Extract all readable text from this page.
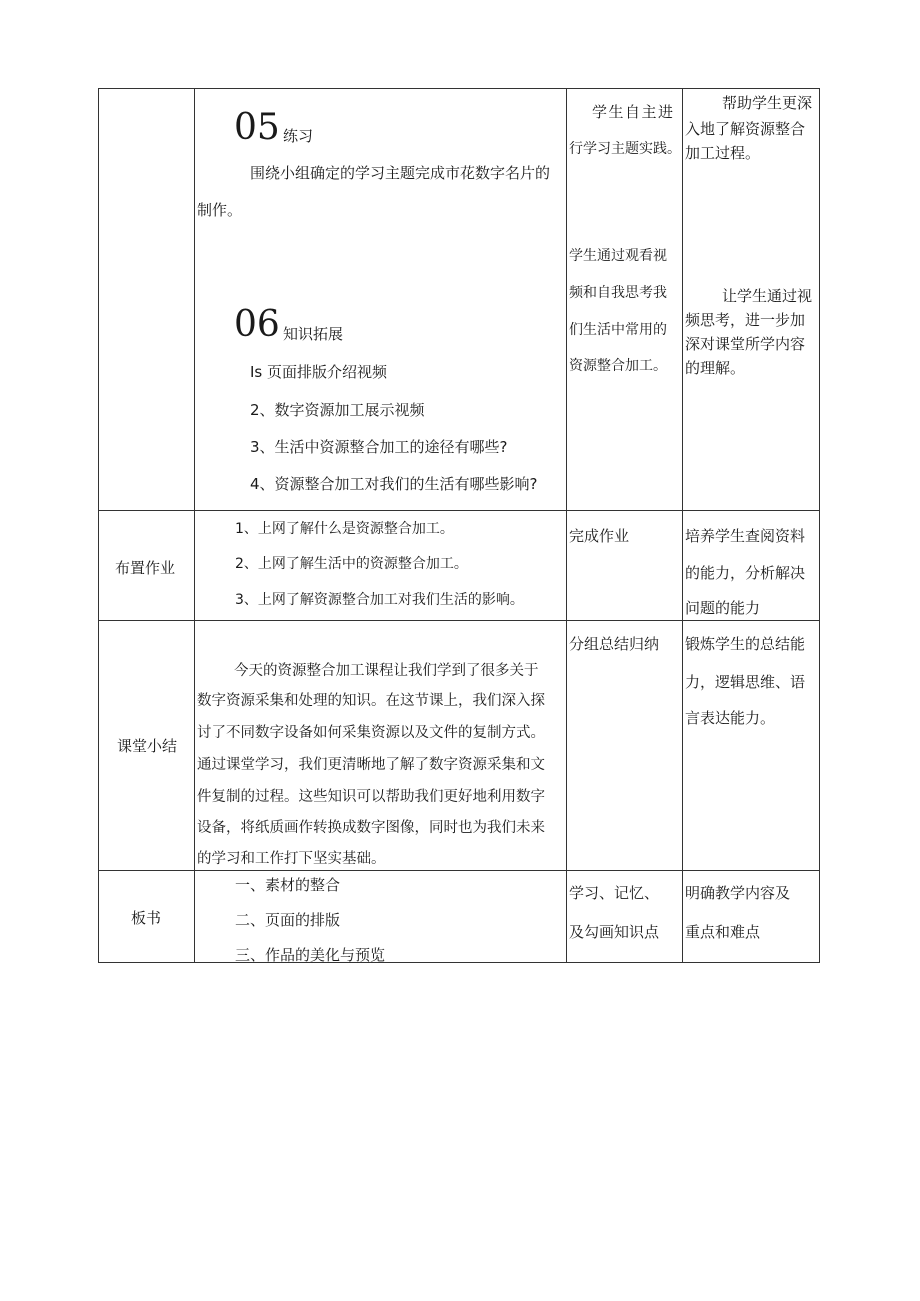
05 练习
围绕小组确定的学习主题完成市花数字名片的
制作。
06 知识拓展
Is 页面排版介绍视频
2、数字资源加工展示视频
3、生活中资源整合加工的途径有哪些?
4、资源整合加工对我们的生活有哪些影响?
学生自主进
行学习主题实践。
学生通过观看视
频和自我思考我
们生活中常用的
资源整合加工。
帮助学生更深
入地了解资源整合
加工过程。
让学生通过视
频思考，进一步加
深对课堂所学内容
的理解。
布置作业
1、上网了解什么是资源整合加工。
2、上网了解生活中的资源整合加工。
3、上网了解资源整合加工对我们生活的影响。
完成作业	培养学生查阅资料
的能力，分析解决
问题的能力
课堂小结
今天的资源整合加工课程让我们学到了很多关于
数字资源采集和处理的知识。在这节课上，我们深入探
讨了不同数字设备如何采集资源以及文件的复制方式。
通过课堂学习，我们更清晰地了解了数字资源采集和文
件复制的过程。这些知识可以帮助我们更好地利用数字
设备，将纸质画作转换成数字图像，同时也为我们未来
的学习和工作打下坚实基础。
分组总结归纳 锻炼学生的总结能
力，逻辑思维、语
言表达能力。
板书
一、素材的整合
二、页面的排版
三、作品的美化与预览
学习、记忆、
及勾画知识点
明确教学内容及
重点和难点
